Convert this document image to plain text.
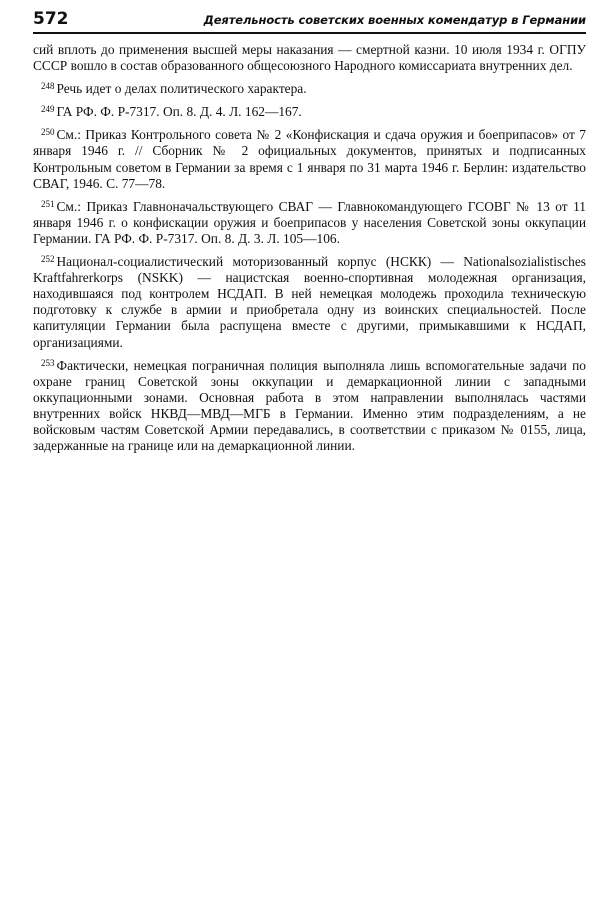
572	Деятельность советских военных комендатур в Германии

сий вплоть до применения высшей меры наказания — смертной казни. 10 июля 1934 г. ОГПУ СССР вошло в состав образованного общесоюзного Народного комиссариата внутренних дел.

$^{248}$ Речь идет о делах политического характера.

$^{249}$ ГА РФ. Ф. Р-7317. Оп. 8. Д. 4. Л. 162—167.

$^{250}$ См.: Приказ Контрольного совета № 2 «Конфискация и сдача оружия и боеприпасов» от 7 января 1946 г. // Сборник № 2 официальных документов, принятых и подписанных Контрольным советом в Германии за время с 1 января по 31 марта 1946 г. Берлин: издательство СВАГ, 1946. С. 77—78.

$^{251}$ См.: Приказ Главноначальствующего СВАГ — Главнокомандующего ГСОВГ № 13 от 11 января 1946 г. о конфискации оружия и боеприпасов у населения Советской зоны оккупации Германии. ГА РФ. Ф. Р-7317. Оп. 8. Д. 3. Л. 105—106.

$^{252}$ Национал-социалистический моторизованный корпус (НСКК) — Nationalsozialistisches Kraftfahrerkorps (NSKK) — нацистская военно-спортивная молодежная организация, находившаяся под контролем НСДАП. В ней немецкая молодежь проходила техническую подготовку к службе в армии и приобретала одну из воинских специальностей. После капитуляции Германии была распущена вместе с другими, примыкавшими к НСДАП, организациями.

$^{253}$ Фактически, немецкая пограничная полиция выполняла лишь вспомогательные задачи по охране границ Советской зоны оккупации и демаркационной линии с западными оккупационными зонами. Основная работа в этом направлении выполнялась частями внутренних войск НКВД—МВД—МГБ в Германии. Именно этим подразделениям, а не войсковым частям Советской Армии передавались, в соответствии с приказом № 0155, лица, задержанные на границе или на демаркационной линии.
